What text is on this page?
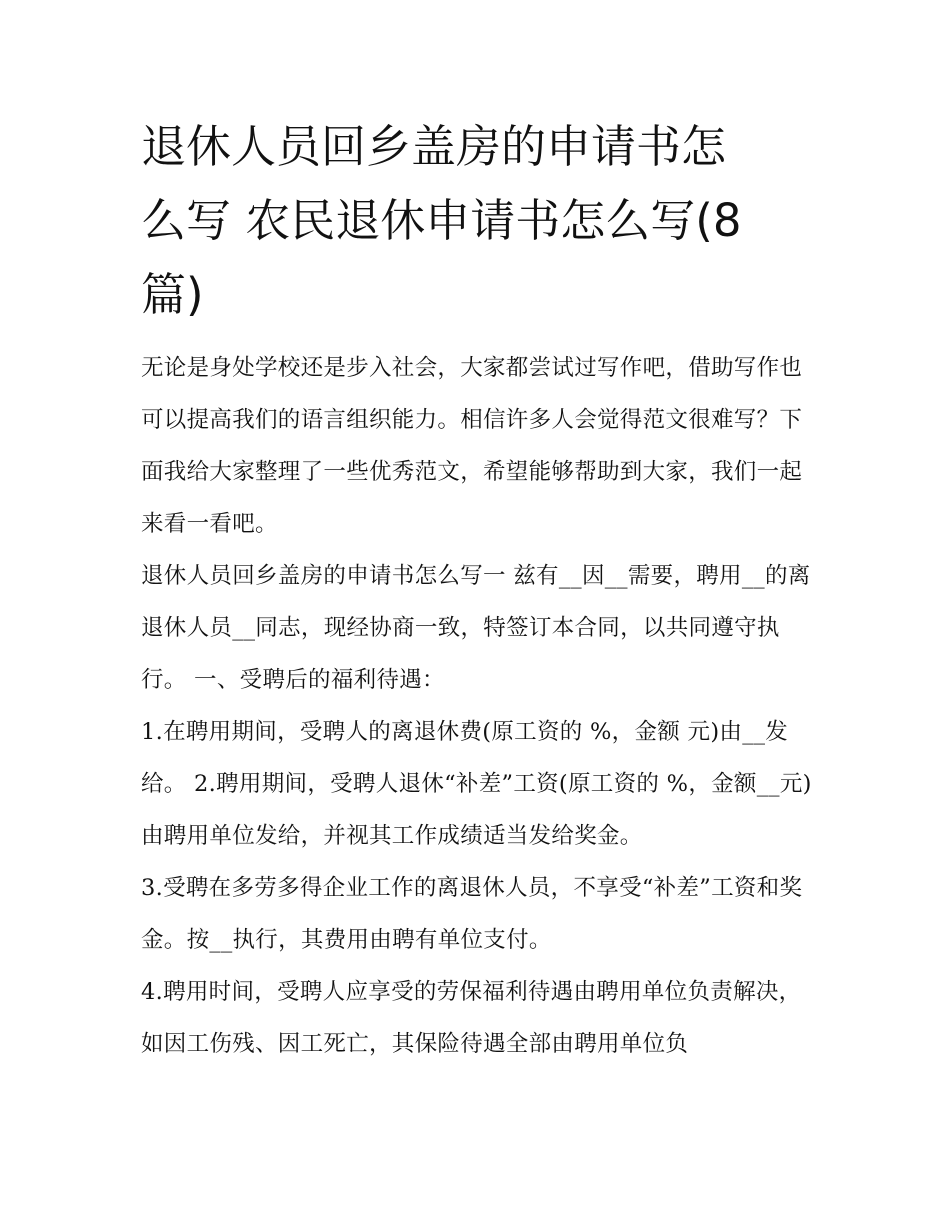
退休人员回乡盖房的申请书怎
么写 农民退休申请书怎么写(8
篇)

无论是身处学校还是步入社会，大家都尝试过写作吧，借助写作也可以提高我们的语言组织能力。相信许多人会觉得范文很难写？下面我给大家整理了一些优秀范文，希望能够帮助到大家，我们一起来看一看吧。

退休人员回乡盖房的申请书怎么写一 兹有__因__需要，聘用__的离退休人员__同志，现经协商一致，特签订本合同，以共同遵守执行。 一、受聘后的福利待遇：

1.在聘用期间，受聘人的离退休费(原工资的 %，金额 元)由__发给。 2.聘用期间，受聘人退休“补差”工资(原工资的 %，金额__元)由聘用单位发给，并视其工作成绩适当发给奖金。

3.受聘在多劳多得企业工作的离退休人员，不享受“补差”工资和奖金。按__执行，其费用由聘有单位支付。

4.聘用时间，受聘人应享受的劳保福利待遇由聘用单位负责解决，如因工伤残、因工死亡，其保险待遇全部由聘用单位负
